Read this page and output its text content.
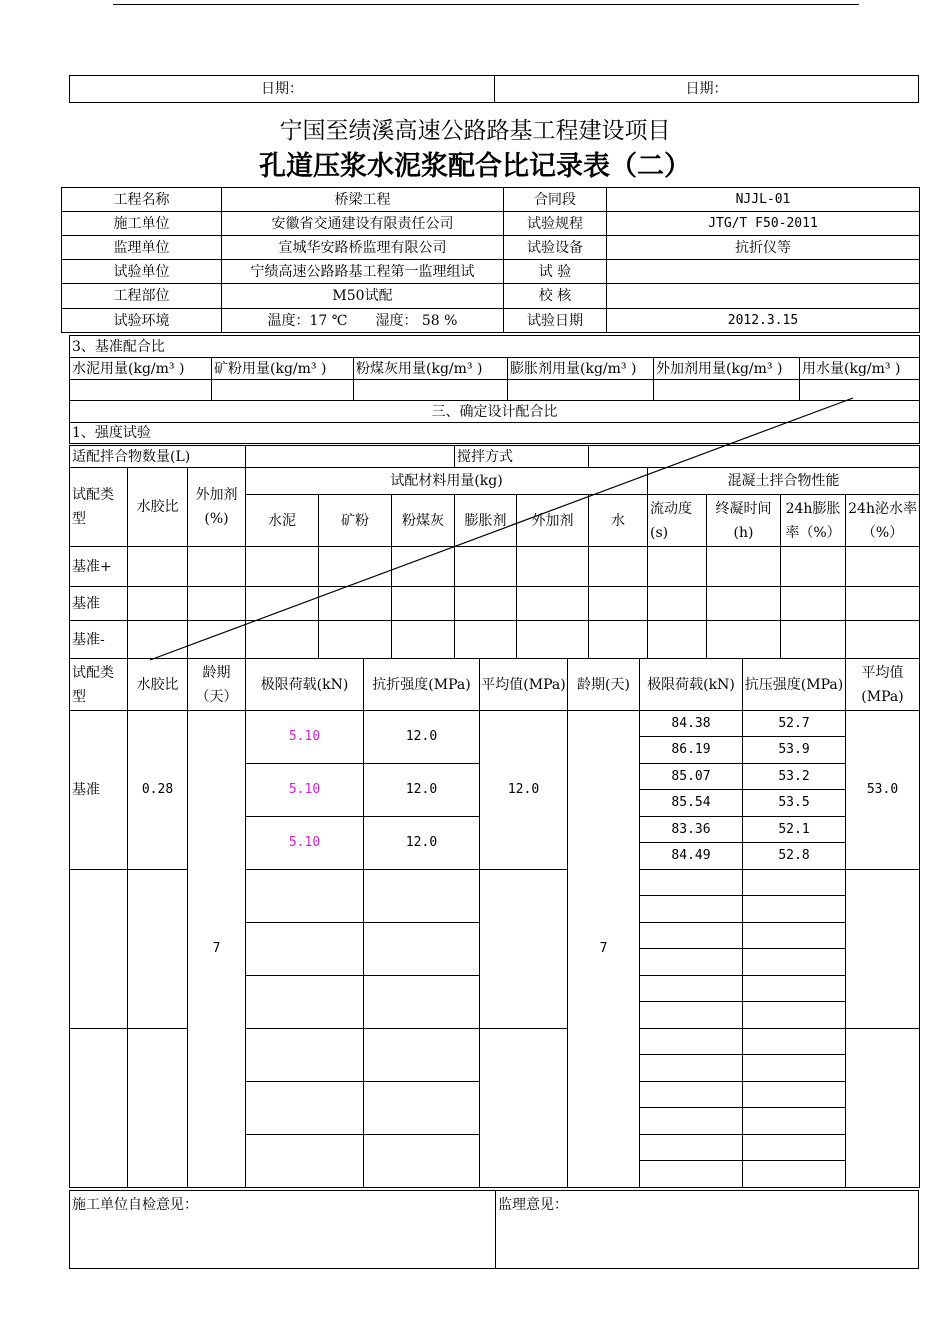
日期：	日期：
宁国至绩溪高速公路路基工程建设项目
孔道压浆水泥浆配合比记录表（二）
工程名称	桥梁工程	合同段	NJJL-01
施工单位	安徽省交通建设有限责任公司	试验规程	JTG/T F50-2011
监理单位	宣城华安路桥监理有限公司	试验设备	抗折仪等
试验单位	宁绩高速公路路基工程第一监理组试	试 验	
工程部位	M50试配	校 核	
试验环境	温度：17 ℃　　湿度： 58 %	试验日期	2012.3.15
3、基准配合比					
水泥用量(kg/m³ )	矿粉用量(kg/m³ )	粉煤灰用量(kg/m³ )	膨胀剂用量(kg/m³ )	外加剂用量(kg/m³ )	用水量(kg/m³ )

三、确定设计配合比					
1、强度试验					
适配拌合物数量(L)						搅拌方式						
试配类型	水胶比	外加剂(%)	试配材料用量(kg)						混凝土拌合物性能			
			水泥	矿粉	粉煤灰	膨胀剂	外加剂	水	流动度(s)	终凝时间(h)	24h膨胀率（%）	24h泌水率（%）
基准+												
基准												
基准-												
试配类型	水胶比	龄期（天）	极限荷载(kN)	抗折强度(MPa)	平均值(MPa)	龄期(天)	极限荷载(kN)	抗压强度(MPa)	平均值(MPa)
基准	0.28	7	5.10	12.0	12.0	7	84.38	52.7	53.0
							86.19	53.9	
			5.10	12.0			85.07	53.2	
							85.54	53.5	
			5.10	12.0			83.36	52.1	
							84.49	52.8	

施工单位自检意见：	监理意见：
